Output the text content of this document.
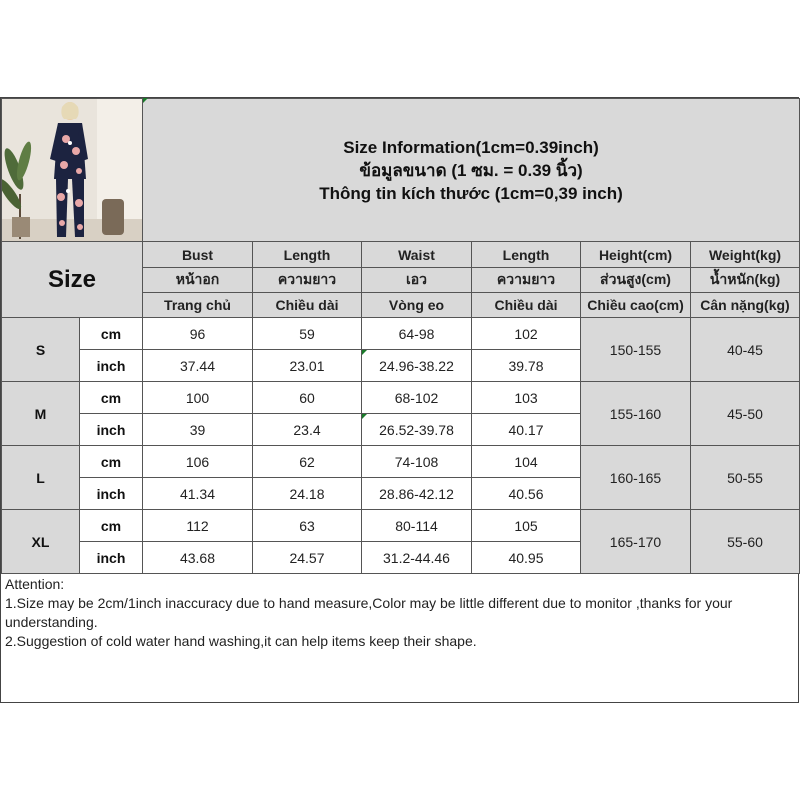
Size Information(1cm=0.39inch)
ข้อมูลขนาด (1 ซม. = 0.39 นิ้ว)
Thông tin kích thước (1cm=0,39 inch)					

Size		Bust	Length	Waist	Length	Height(cm)	Weight(kg)
		หน้าอก	ความยาว	เอว	ความยาว	ส่วนสูง(cm)	น้ำหนัก(kg)
		Trang chủ	Chiều dài	Vòng eo	Chiều dài	Chiều cao(cm)	Cân nặng(kg)
S	cm	96	59	64-98	102	150-155	40-45
	inch	37.44	23.01	24.96-38.22	39.78		
M	cm	100	60	68-102	103	155-160	45-50
	inch	39	23.4	26.52-39.78	40.17		
L	cm	106	62	74-108	104	160-165	50-55
	inch	41.34	24.18	28.86-42.12	40.56		
XL	cm	112	63	80-114	105	165-170	55-60
	inch	43.68	24.57	31.2-44.46	40.95		
Attention:
1.Size may be 2cm/1inch inaccuracy due to hand measure,Color may be little different due to monitor ,thanks for your understanding.
2.Suggestion of cold water hand washing,it can help items keep their shape.
